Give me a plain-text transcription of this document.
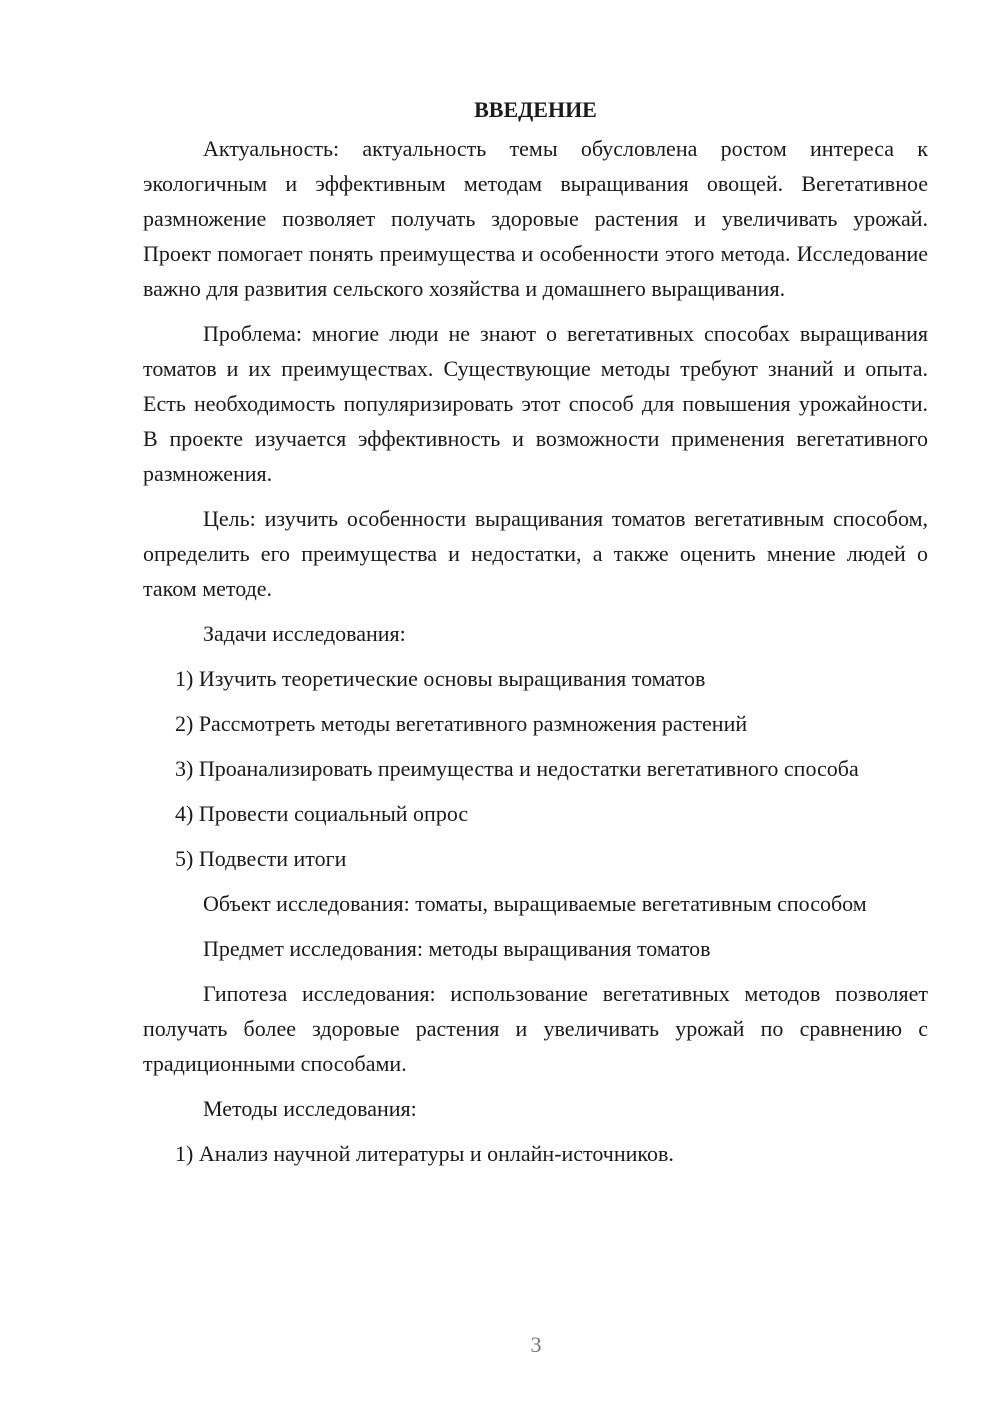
ВВЕДЕНИЕ

Актуальность: актуальность темы обусловлена ростом интереса к экологичным и эффективным методам выращивания овощей. Вегетативное размножение позволяет получать здоровые растения и увеличивать урожай. Проект помогает понять преимущества и особенности этого метода. Исследование важно для развития сельского хозяйства и домашнего выращивания.

Проблема: многие люди не знают о вегетативных способах выращивания томатов и их преимуществах. Существующие методы требуют знаний и опыта. Есть необходимость популяризировать этот способ для повышения урожайности. В проекте изучается эффективность и возможности применения вегетативного размножения.

Цель: изучить особенности выращивания томатов вегетативным способом, определить его преимущества и недостатки, а также оценить мнение людей о таком методе.

Задачи исследования:

1) Изучить теоретические основы выращивания томатов

2) Рассмотреть методы вегетативного размножения растений

3) Проанализировать преимущества и недостатки вегетативного способа

4) Провести социальный опрос

5) Подвести итоги

Объект исследования: томаты, выращиваемые вегетативным способом

Предмет исследования: методы выращивания томатов

Гипотеза исследования: использование вегетативных методов позволяет получать более здоровые растения и увеличивать урожай по сравнению с традиционными способами.

Методы исследования:

1) Анализ научной литературы и онлайн-источников.

3
